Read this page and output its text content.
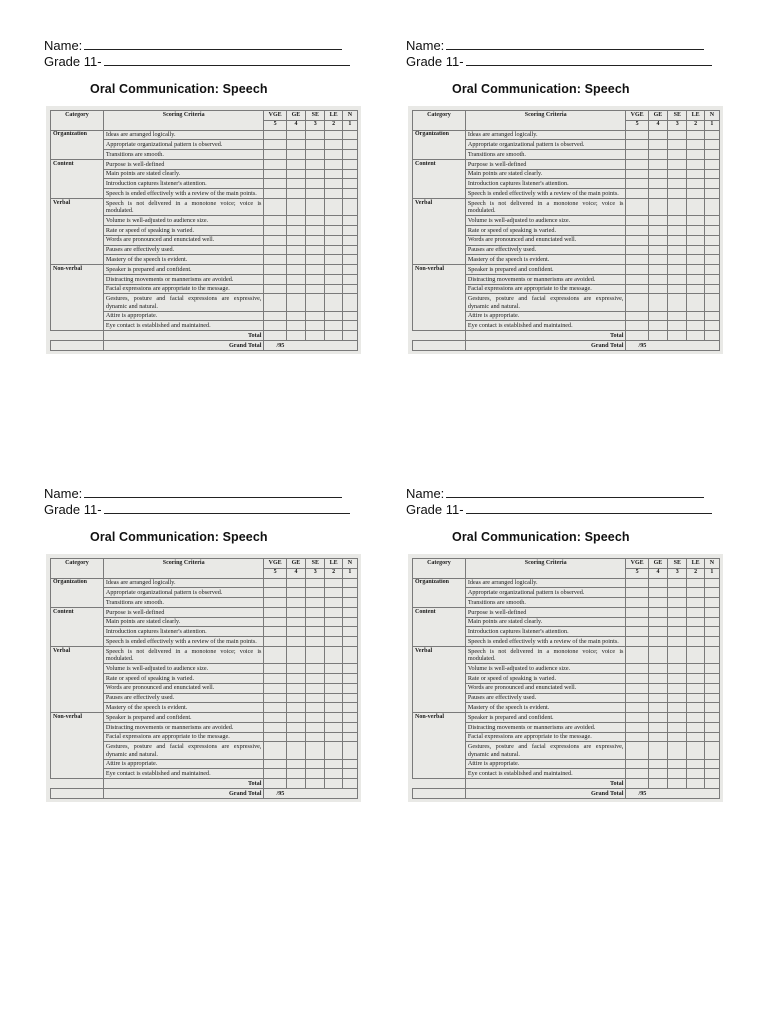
Name:
Grade 11-
Oral Communication: Speech
Category	Scoring Criteria	VGE	GE	SE	LE	N
		5	4	3	2	1
Organization	Ideas are arranged logically.					
	Appropriate organizational pattern is observed.					
	Transitions are smooth.					
Content	Purpose is well-defined					
	Main points are stated clearly.					
	Introduction captures listener's attention.					
	Speech is ended effectively with a review of the main points.					
Verbal	Speech is not delivered in a monotone voice; voice is modulated.					
	Volume is well-adjusted to audience size.					
	Rate or speed of speaking is varied.					
	Words are pronounced and enunciated well.					
	Pauses are effectively used.					
	Mastery of the speech is evident.					
Non-verbal	Speaker is prepared and confident.					
	Distracting movements or mannerisms are avoided.					
	Facial expressions are appropriate to the message.					
	Gestures, posture and facial expressions are expressive, dynamic and natural.					
	Attire is appropriate.					
	Eye contact is established and maintained.					
	Total					
	Grand Total	/95				
Name:
Grade 11-
Oral Communication: Speech
Category	Scoring Criteria	VGE	GE	SE	LE	N
		5	4	3	2	1
Organization	Ideas are arranged logically.					
	Appropriate organizational pattern is observed.					
	Transitions are smooth.					
Content	Purpose is well-defined					
	Main points are stated clearly.					
	Introduction captures listener's attention.					
	Speech is ended effectively with a review of the main points.					
Verbal	Speech is not delivered in a monotone voice; voice is modulated.					
	Volume is well-adjusted to audience size.					
	Rate or speed of speaking is varied.					
	Words are pronounced and enunciated well.					
	Pauses are effectively used.					
	Mastery of the speech is evident.					
Non-verbal	Speaker is prepared and confident.					
	Distracting movements or mannerisms are avoided.					
	Facial expressions are appropriate to the message.					
	Gestures, posture and facial expressions are expressive, dynamic and natural.					
	Attire is appropriate.					
	Eye contact is established and maintained.					
	Total					
	Grand Total	/95				
Name:
Grade 11-
Oral Communication: Speech
Category	Scoring Criteria	VGE	GE	SE	LE	N
		5	4	3	2	1
Organization	Ideas are arranged logically.					
	Appropriate organizational pattern is observed.					
	Transitions are smooth.					
Content	Purpose is well-defined					
	Main points are stated clearly.					
	Introduction captures listener's attention.					
	Speech is ended effectively with a review of the main points.					
Verbal	Speech is not delivered in a monotone voice; voice is modulated.					
	Volume is well-adjusted to audience size.					
	Rate or speed of speaking is varied.					
	Words are pronounced and enunciated well.					
	Pauses are effectively used.					
	Mastery of the speech is evident.					
Non-verbal	Speaker is prepared and confident.					
	Distracting movements or mannerisms are avoided.					
	Facial expressions are appropriate to the message.					
	Gestures, posture and facial expressions are expressive, dynamic and natural.					
	Attire is appropriate.					
	Eye contact is established and maintained.					
	Total					
	Grand Total	/95				
Name:
Grade 11-
Oral Communication: Speech
Category	Scoring Criteria	VGE	GE	SE	LE	N
		5	4	3	2	1
Organization	Ideas are arranged logically.					
	Appropriate organizational pattern is observed.					
	Transitions are smooth.					
Content	Purpose is well-defined					
	Main points are stated clearly.					
	Introduction captures listener's attention.					
	Speech is ended effectively with a review of the main points.					
Verbal	Speech is not delivered in a monotone voice; voice is modulated.					
	Volume is well-adjusted to audience size.					
	Rate or speed of speaking is varied.					
	Words are pronounced and enunciated well.					
	Pauses are effectively used.					
	Mastery of the speech is evident.					
Non-verbal	Speaker is prepared and confident.					
	Distracting movements or mannerisms are avoided.					
	Facial expressions are appropriate to the message.					
	Gestures, posture and facial expressions are expressive, dynamic and natural.					
	Attire is appropriate.					
	Eye contact is established and maintained.					
	Total					
	Grand Total	/95				
